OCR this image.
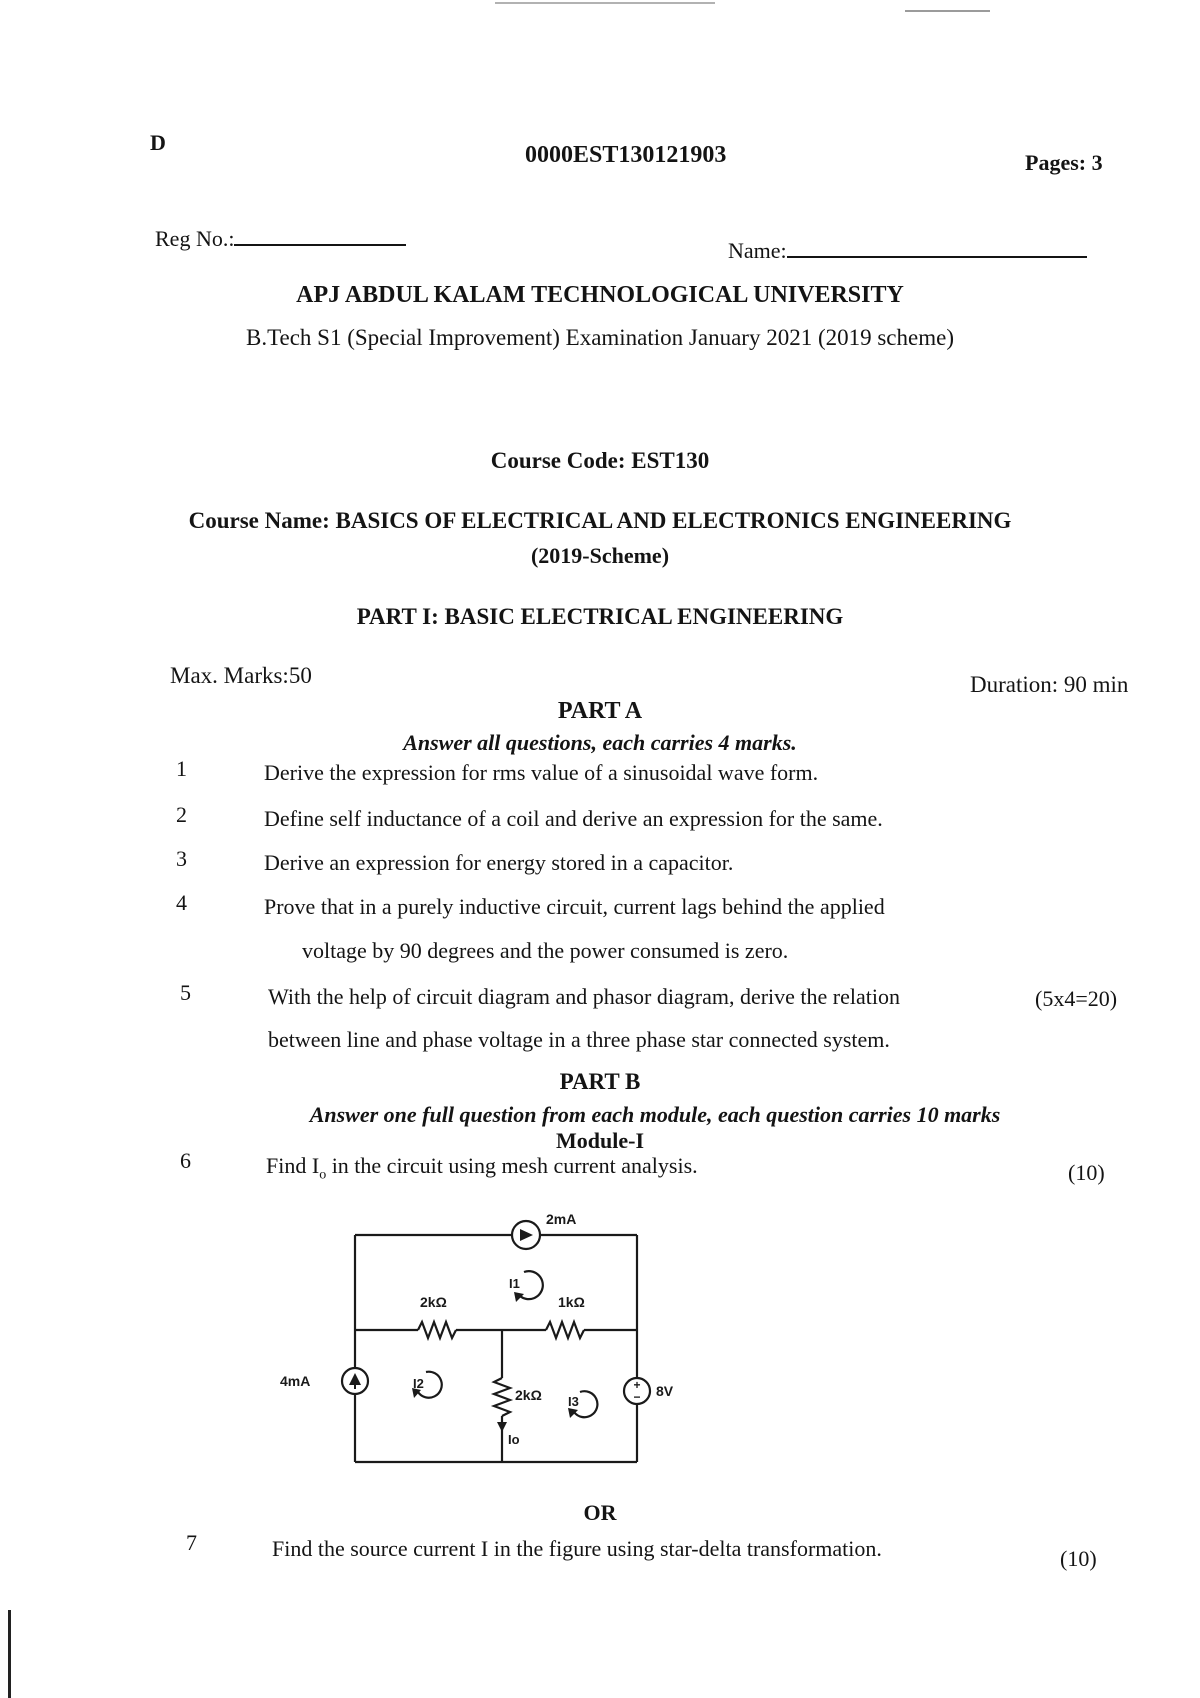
D	0000EST130121903	Pages: 3
Reg No.:	Name:
APJ ABDUL KALAM TECHNOLOGICAL UNIVERSITY
B.Tech S1 (Special Improvement) Examination January 2021 (2019 scheme)
Course Code: EST130
Course Name: BASICS OF ELECTRICAL AND ELECTRONICS ENGINEERING
(2019-Scheme)
PART I: BASIC ELECTRICAL ENGINEERING
Max. Marks:50	Duration: 90 min
PART A
Answer all questions, each carries 4 marks.
1	Derive the expression for rms value of a sinusoidal wave form.
2	Define self inductance of a coil and derive an expression for the same.
3	Derive an expression for energy stored in a capacitor.
4	Prove that in a purely inductive circuit, current lags behind the applied
voltage by 90 degrees and the power consumed is zero.
5	With the help of circuit diagram and phasor diagram, derive the relation
between line and phase voltage in a three phase star connected system.
(5x4=20)
PART B
Answer one full question from each module, each question carries 10 marks
Module-I
6	Find $I_o$ in the circuit using mesh current analysis.	(10)
+
−
2mA
4mA
8V
2kΩ	1kΩ
2kΩ
I1
I2
I3
Io
OR
7	Find the source current I in the figure using star-delta transformation.	(10)
